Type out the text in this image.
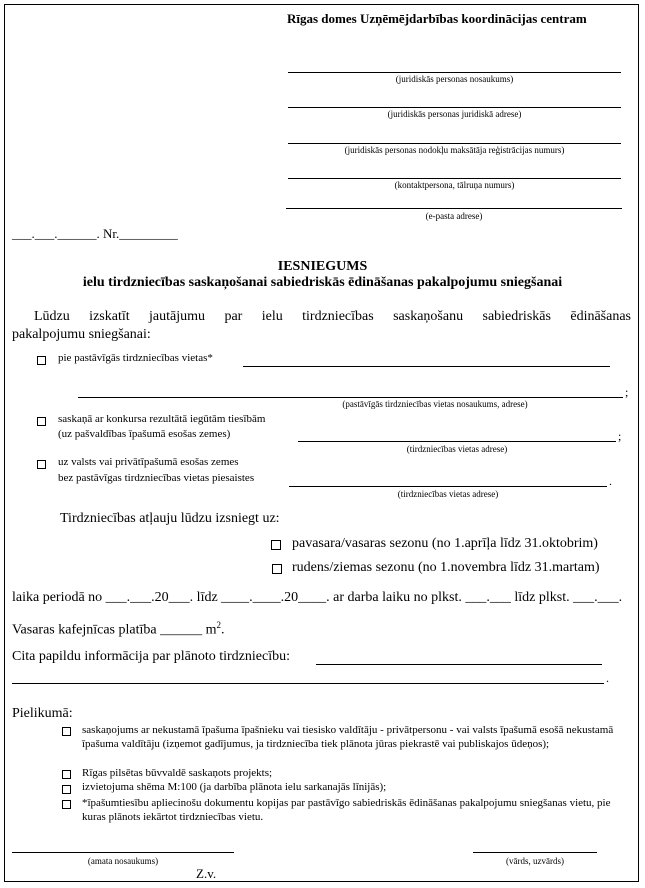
Rīgas domes Uzņēmējdarbības koordinācijas centram
(juridiskās personas nosaukums)
(juridiskās personas juridiskā adrese)
(juridiskās personas nodokļu maksātāja reģistrācijas numurs)
(kontaktpersona, tālruņa numurs)
(e-pasta adrese)
___.___.______. Nr._________
IESNIEGUMS
ielu tirdzniecības saskaņošanai sabiedriskās ēdināšanas pakalpojumu sniegšanai
Lūdzu izskatīt jautājumu par ielu tirdzniecības saskaņošanu sabiedriskās ēdināšanas
pakalpojumu sniegšanai:
pie pastāvīgās tirdzniecības vietas*
;
(pastāvīgās tirdzniecības vietas nosaukums, adrese)
saskaņā ar konkursa rezultātā iegūtām tiesībām
(uz pašvaldības īpašumā esošas zemes)	;
(tirdzniecības vietas adrese)
uz valsts vai privātīpašumā esošas zemes
bez pastāvīgas tirdzniecības vietas piesaistes	.
(tirdzniecības vietas adrese)
Tirdzniecības atļauju lūdzu izsniegt uz:
pavasara/vasaras sezonu (no 1.aprīļa līdz 31.oktobrim)
rudens/ziemas sezonu (no 1.novembra līdz 31.martam)
laika periodā no ___.___.20___. līdz ____.____.20____. ar darba laiku no plkst. ___.___ līdz plkst. ___.___.
Vasaras kafejnīcas platība ______ $m^2$.
Cita papildu informācija par plānoto tirdzniecību:
.
Pielikumā:
saskaņojums ar nekustamā īpašuma īpašnieku vai tiesisko valdītāju - privātpersonu - vai valsts īpašumā esošā nekustamā īpašuma valdītāju (izņemot gadījumus, ja tirdzniecība tiek plānota jūras piekrastē vai publiskajos ūdeņos);
Rīgas pilsētas būvvaldē saskaņots projekts;
izvietojuma shēma M:100 (ja darbība plānota ielu sarkanajās līnijās);
*īpašumtiesību apliecinošu dokumentu kopijas par pastāvīgo sabiedriskās ēdināšanas pakalpojumu sniegšanas vietu, pie kuras plānots iekārtot tirdzniecības vietu.
(amata nosaukums)	(vārds, uzvārds)
Z.v.
